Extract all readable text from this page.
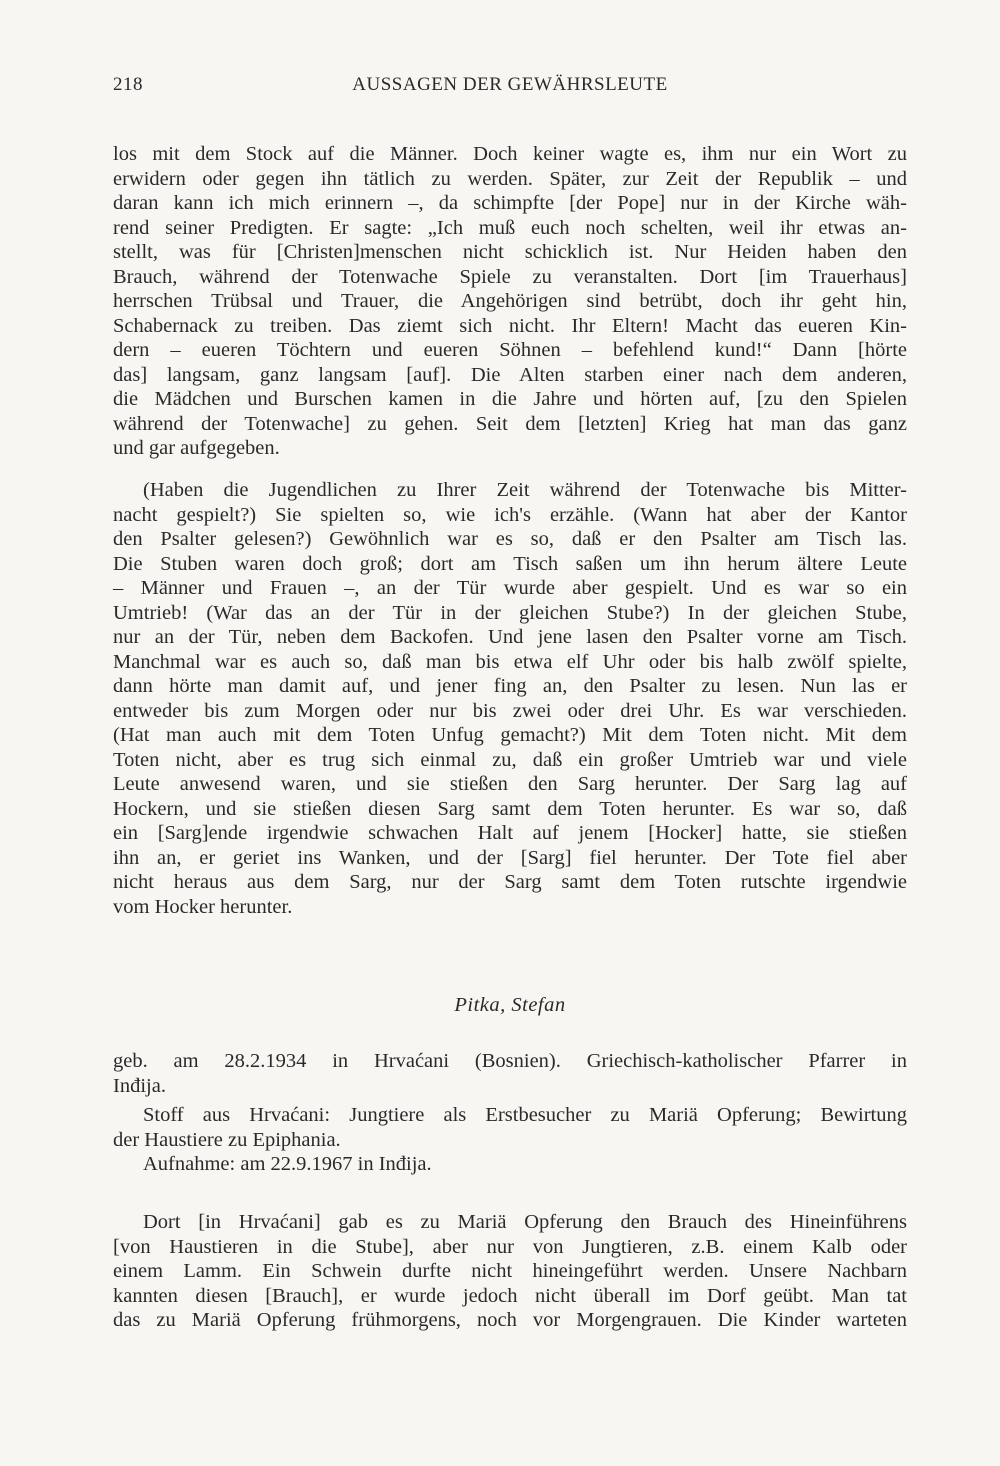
218	AUSSAGEN DER GEWÄHRSLEUTE

los mit dem Stock auf die Männer. Doch keiner wagte es, ihm nur ein Wort zu
erwidern oder gegen ihn tätlich zu werden. Später, zur Zeit der Republik – und
daran kann ich mich erinnern –, da schimpfte [der Pope] nur in der Kirche wäh-
rend seiner Predigten. Er sagte: „Ich muß euch noch schelten, weil ihr etwas an-
stellt, was für [Christen]menschen nicht schicklich ist. Nur Heiden haben den
Brauch, während der Totenwache Spiele zu veranstalten. Dort [im Trauerhaus]
herrschen Trübsal und Trauer, die Angehörigen sind betrübt, doch ihr geht hin,
Schabernack zu treiben. Das ziemt sich nicht. Ihr Eltern! Macht das eueren Kin-
dern – eueren Töchtern und eueren Söhnen – befehlend kund!“ Dann [hörte
das] langsam, ganz langsam [auf]. Die Alten starben einer nach dem anderen,
die Mädchen und Burschen kamen in die Jahre und hörten auf, [zu den Spielen
während der Totenwache] zu gehen. Seit dem [letzten] Krieg hat man das ganz
und gar aufgegeben.

(Haben die Jugendlichen zu Ihrer Zeit während der Totenwache bis Mitter-
nacht gespielt?) Sie spielten so, wie ich's erzähle. (Wann hat aber der Kantor
den Psalter gelesen?) Gewöhnlich war es so, daß er den Psalter am Tisch las.
Die Stuben waren doch groß; dort am Tisch saßen um ihn herum ältere Leute
– Männer und Frauen –, an der Tür wurde aber gespielt. Und es war so ein
Umtrieb! (War das an der Tür in der gleichen Stube?) In der gleichen Stube,
nur an der Tür, neben dem Backofen. Und jene lasen den Psalter vorne am Tisch.
Manchmal war es auch so, daß man bis etwa elf Uhr oder bis halb zwölf spielte,
dann hörte man damit auf, und jener fing an, den Psalter zu lesen. Nun las er
entweder bis zum Morgen oder nur bis zwei oder drei Uhr. Es war verschieden.
(Hat man auch mit dem Toten Unfug gemacht?) Mit dem Toten nicht. Mit dem
Toten nicht, aber es trug sich einmal zu, daß ein großer Umtrieb war und viele
Leute anwesend waren, und sie stießen den Sarg herunter. Der Sarg lag auf
Hockern, und sie stießen diesen Sarg samt dem Toten herunter. Es war so, daß
ein [Sarg]ende irgendwie schwachen Halt auf jenem [Hocker] hatte, sie stießen
ihn an, er geriet ins Wanken, und der [Sarg] fiel herunter. Der Tote fiel aber
nicht heraus aus dem Sarg, nur der Sarg samt dem Toten rutschte irgendwie
vom Hocker herunter.

Pitka, Stefan

geb. am 28.2.1934 in Hrvaćani (Bosnien). Griechisch-katholischer Pfarrer in
Inđija.

Stoff aus Hrvaćani: Jungtiere als Erstbesucher zu Mariä Opferung; Bewirtung
der Haustiere zu Epiphania.

Aufnahme: am 22.9.1967 in Inđija.

Dort [in Hrvaćani] gab es zu Mariä Opferung den Brauch des Hineinführens
[von Haustieren in die Stube], aber nur von Jungtieren, z.B. einem Kalb oder
einem Lamm. Ein Schwein durfte nicht hineingeführt werden. Unsere Nachbarn
kannten diesen [Brauch], er wurde jedoch nicht überall im Dorf geübt. Man tat
das zu Mariä Opferung frühmorgens, noch vor Morgengrauen. Die Kinder warteten
